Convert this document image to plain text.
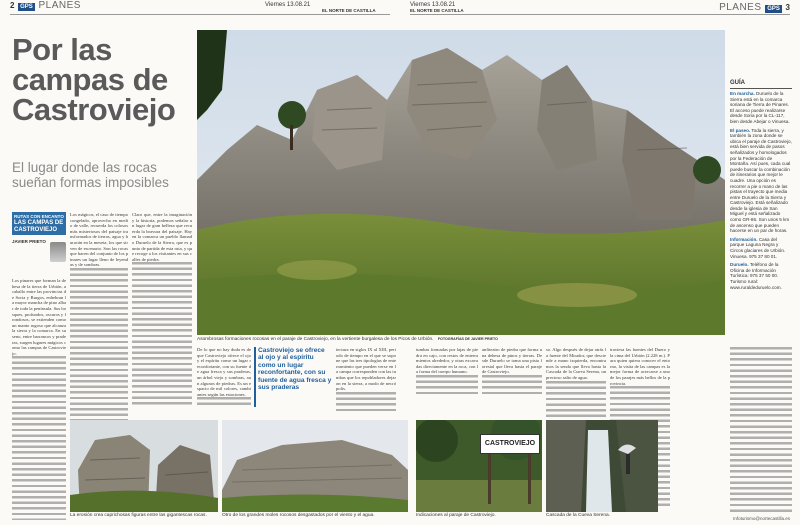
2 GPS PLANES	Viernes 13.08.21
EL NORTE DE CASTILLA
Viernes 13.08.21
EL NORTE DE CASTILLA	PLANES GPS 3
Por las campas de Castroviejo
El lugar donde las rocas sueñan formas imposibles
RUTAS CON ENCANTO
LAS CAMPAS DE CASTROVIEJO
JAVIER PRIETO
Los pinares que forman la dehesa de la tierra de Urbión, a caballo entre las provincias de Soria y Burgos, enhebran la mayor mancha de pino albar de toda la península. Sus bosques, profundos, oscuros y frondosos, se extienden como un manto rugoso que alcanza la sierra y la comarca. En su seno, entre barrancos y praderas, surgen lugares mágicos como las campas de Castroviejo.
Los mágicos, el caso de tiempo congelado, aprovecha en medio de valle, recuerda los colosos más misteriosos del paisaje transformador de tierras, agua y huracán en la meseta, los que sirven de escenario. Son las rocas que hacen del conjunto de los pinares un lugar lleno de leyendas y de sombras.
Claro que, entre la imaginación y la historia, podemos señalar un lugar de gran belleza que recuerda la bravura del paisaje. Hay en la comarca un pueblo llamado Duruelo de la Sierra, que es punto de partida de esta ruta, y que recoge a los visitantes en sus calles de piedra.
De lo que no hay duda es de que Castroviejo ofrece el ojo y el espíritu como un lugar reconfortante, con su fuente de agua fresca y sus praderas, un árbol viejo y sombras, aun algunos de piedras. Es un espacio de mil colores, cambiantes según las estaciones.
tectura en siglos IX al XIII, periodo de tiempo en el que se supone que las tres tipologías de enterramiento que pueden verse en la campa corresponden con las tumbas que los repobladores dejaron en la sierra, a modo de necrópolis.
tumbas formadas por lajas de piedra en cajo, con restos de enterramientos alrededor, y otras excavadas directamente en la roca, con la forma del cuerpo humano.
anfiteatro de piedra que forma una dehesa de pinos y tierras. Desde Duruelo se toma una pista forestal que lleva hasta el paraje de Castroviejo.
so. Algo después de dejar atrás la fuente del Mirador, que desciende a mano izquierda, encontramos la senda que lleva hasta la Cascada de la Cueva Serena, un precioso salto de agua.
traviesa las fuentes del Duero y la cima del Urbión (2.228 m.). Para quien quiera conocer el entorno, la visita de las campas es la mejor forma de acercarse a uno de los parajes más bellos de la provincia.
Asombrosas formaciones rocosas en el paraje de Castroviejo, en la vertiente burgalesa de los Picos de Urbión. FOTOGRAFÍAS DE JAVIER PRIETO
Castroviejo se ofrece al ojo y al espíritu como un lugar reconfortante, con su fuente de agua fresca y sus praderas
La erosión crea caprichosas figuras entre las gigantescas rocas.	Otro de los grandes moles rocosos desgastados por el viento y el agua.
CASTROVIEJO
Indicaciones al paraje de Castroviejo.	Cascada de la Cueva Serena.
GUÍA

En marcha. Duruelo de la Sierra está en la comarca soriana de Tierra de Pinares. El acceso puede realizarse desde Soria por la CL-117, bien desde Abejar o Vinuesa.

El paseo. Toda la sierra, y también la zona donde se ubica el paraje de Castroviejo, está bien servida de pasos señalizados y homologados por la Federación de Montaña. Así pues, cada cual puede buscar la combinación de itinerarios que mejor le cuadre. Una opción es recorrer a pie o mano de las pistas el trayecto que media entre Duruelo de la Sierra y Castroviejo. Está señalizado desde la iglesia de San Miguel y está señalizado como GR-86. Son unos 5 km de ascenso que pueden hacerse en un par de horas.

Información. Casa del parque Laguna Negra y Circos glaciares de Urbión. Vinuesa. 975 37 80 01.

Duruelo. Teléfono de la Oficina de Información Turística: 975 37 50 00. Turismo rural: www.ruraldeduruelo.com.

Infoturismo@nortecastilla.es
